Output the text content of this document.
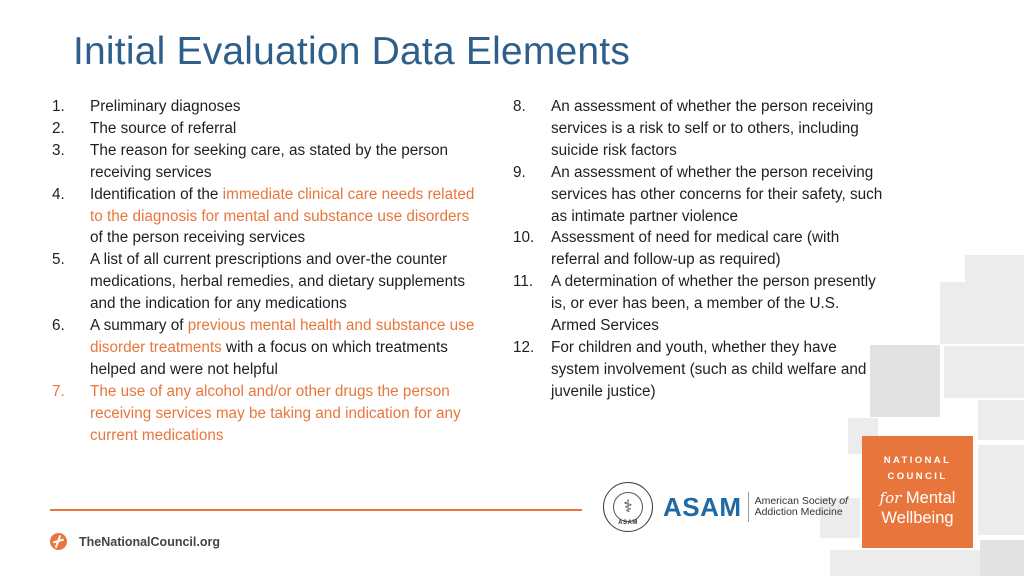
Initial Evaluation Data Elements
1.	Preliminary diagnoses
2.	The source of referral
3.	The reason for seeking care, as stated by the person receiving services
4.	Identification of the immediate clinical care needs related to the diagnosis for mental and substance use disorders of the person receiving services
5.	A list of all current prescriptions and over-the counter medications, herbal remedies, and dietary supplements and the indication for any medications
6.	A summary of previous mental health and substance use disorder treatments with a focus on which treatments helped and were not helpful
7.	The use of any alcohol and/or other drugs the person receiving services may be taking and indication for any current medications
8.	An assessment of whether the person receiving services is a risk to self or to others, including suicide risk factors
9.	An assessment of whether the person receiving services has other concerns for their safety, such as intimate partner violence
10.	Assessment of need for medical care (with referral and follow-up as required)
11.	A determination of whether the person presently is, or ever has been, a member of the U.S. Armed Services
12.	For children and youth, whether they have system involvement (such as child welfare and juvenile justice)
TheNationalCouncil.org
⚕
ASAM
ASAM American Society of
Addiction Medicine
NATIONAL
COUNCIL
for Mental
Wellbeing
